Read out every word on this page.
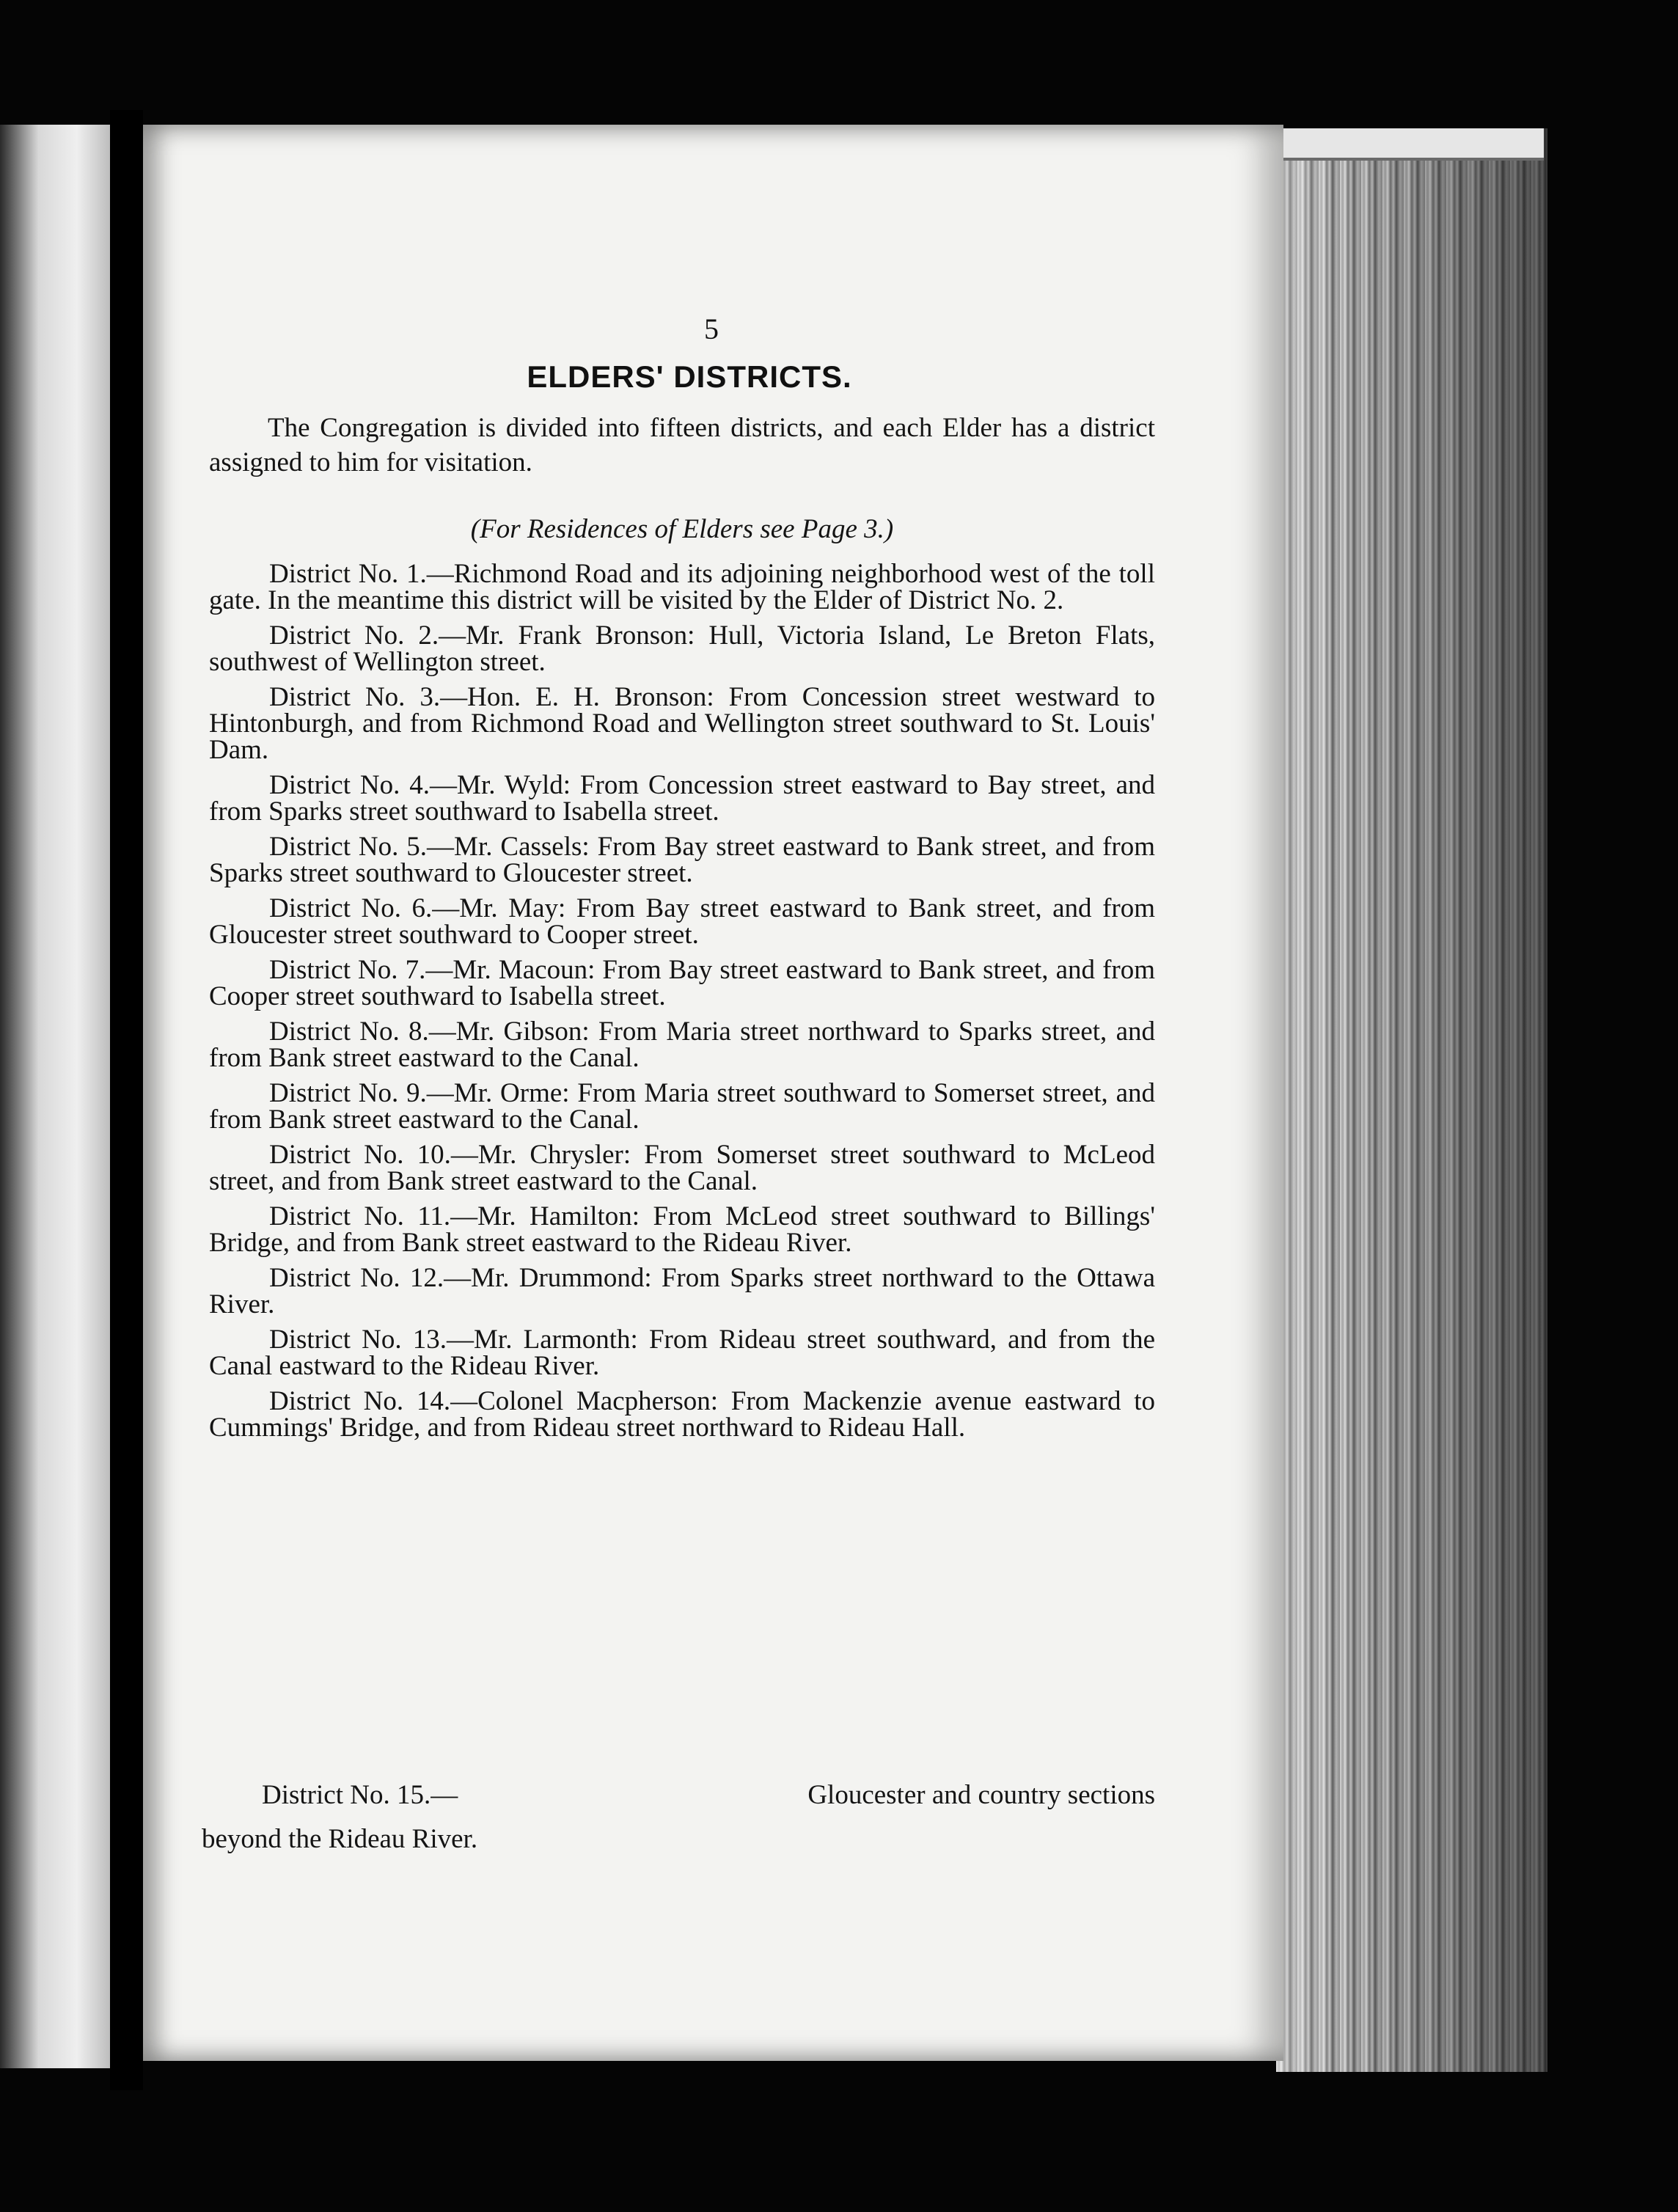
5
ELDERS' DISTRICTS.
The Congregation is divided into fifteen districts, and each Elder has a district assigned to him for visitation.
(For Residences of Elders see Page 3.)

District No. 1.—Richmond Road and its adjoining neighborhood west of the toll gate. In the meantime this district will be visited by the Elder of District No. 2.

District No. 2.—Mr. Frank Bronson: Hull, Victoria Island, Le Breton Flats, southwest of Wellington street.

District No. 3.—Hon. E. H. Bronson: From Concession street westward to Hintonburgh, and from Richmond Road and Wellington street southward to St. Louis' Dam.

District No. 4.—Mr. Wyld: From Concession street eastward to Bay street, and from Sparks street southward to Isabella street.

District No. 5.—Mr. Cassels: From Bay street eastward to Bank street, and from Sparks street southward to Gloucester street.

District No. 6.—Mr. May: From Bay street eastward to Bank street, and from Gloucester street southward to Cooper street.

District No. 7.—Mr. Macoun: From Bay street eastward to Bank street, and from Cooper street southward to Isabella street.

District No. 8.—Mr. Gibson: From Maria street northward to Sparks street, and from Bank street eastward to the Canal.

District No. 9.—Mr. Orme: From Maria street southward to Somerset street, and from Bank street eastward to the Canal.

District No. 10.—Mr. Chrysler: From Somerset street southward to McLeod street, and from Bank street eastward to the Canal.

District No. 11.—Mr. Hamilton: From McLeod street southward to Billings' Bridge, and from Bank street eastward to the Rideau River.

District No. 12.—Mr. Drummond: From Sparks street northward to the Ottawa River.

District No. 13.—Mr. Larmonth: From Rideau street southward, and from the Canal eastward to the Rideau River.

District No. 14.—Colonel Macpherson: From Mackenzie avenue eastward to Cummings' Bridge, and from Rideau street northward to Rideau Hall.

District No. 15.—	Gloucester and country sections
beyond the Rideau River.
